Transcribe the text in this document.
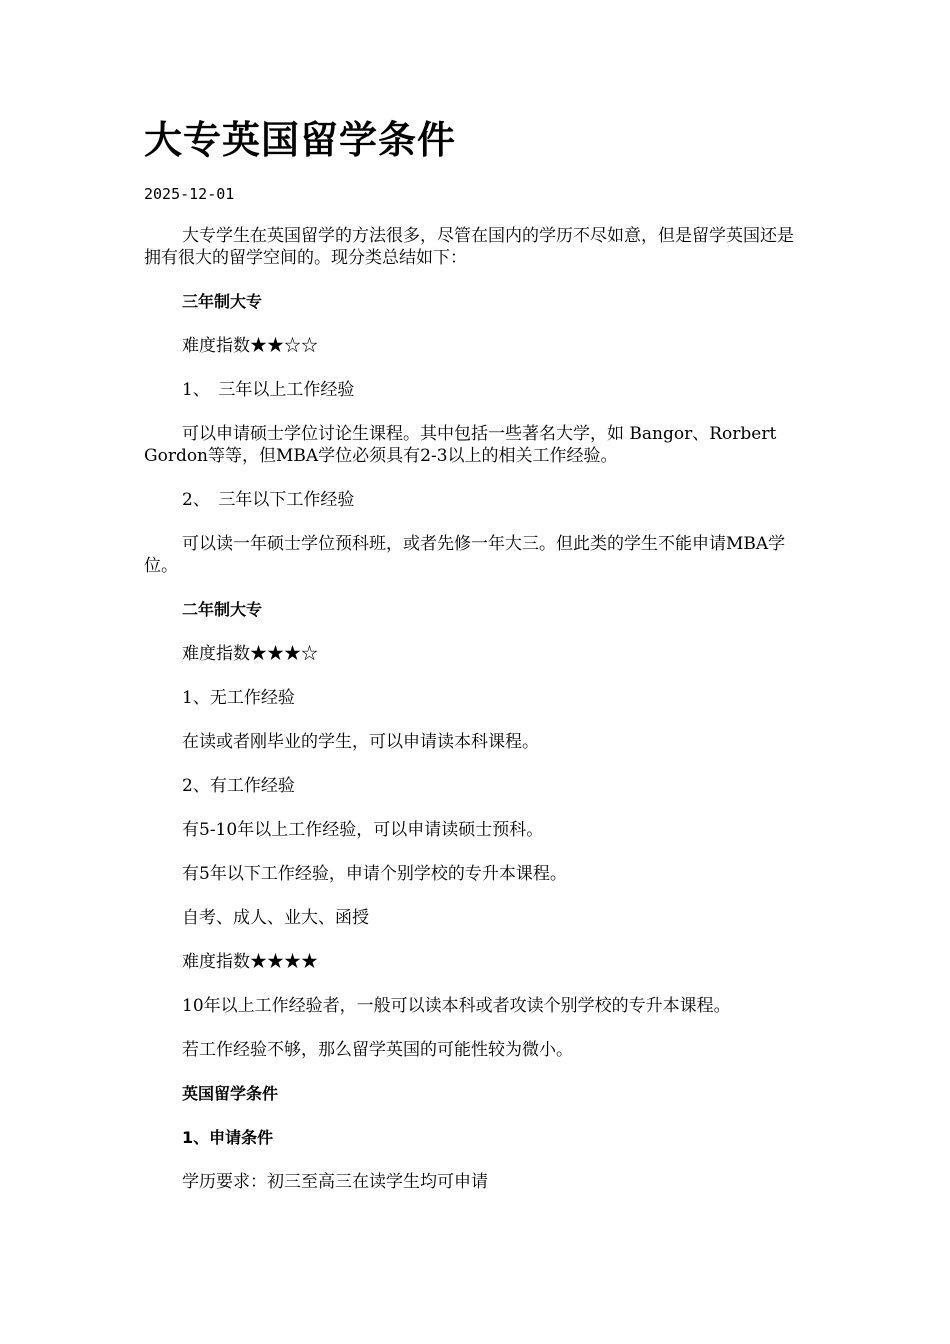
大专英国留学条件
2025-12-01

大专学生在英国留学的方法很多，尽管在国内的学历不尽如意，但是留学英国还是拥有很大的留学空间的。现分类总结如下：

三年制大专

难度指数★★☆☆

1、　三年以上工作经验

可以申请硕士学位讨论生课程。其中包括一些著名大学，如 Bangor、Rorbert Gordon等等，但MBA学位必须具有2-3以上的相关工作经验。

2、　三年以下工作经验

可以读一年硕士学位预科班，或者先修一年大三。但此类的学生不能申请MBA学位。

二年制大专

难度指数★★★☆

1、无工作经验

在读或者刚毕业的学生，可以申请读本科课程。

2、有工作经验

有5-10年以上工作经验，可以申请读硕士预科。

有5年以下工作经验，申请个别学校的专升本课程。

自考、成人、业大、函授

难度指数★★★★

10年以上工作经验者，一般可以读本科或者攻读个别学校的专升本课程。

若工作经验不够，那么留学英国的可能性较为微小。

英国留学条件

1、申请条件

学历要求：初三至高三在读学生均可申请
